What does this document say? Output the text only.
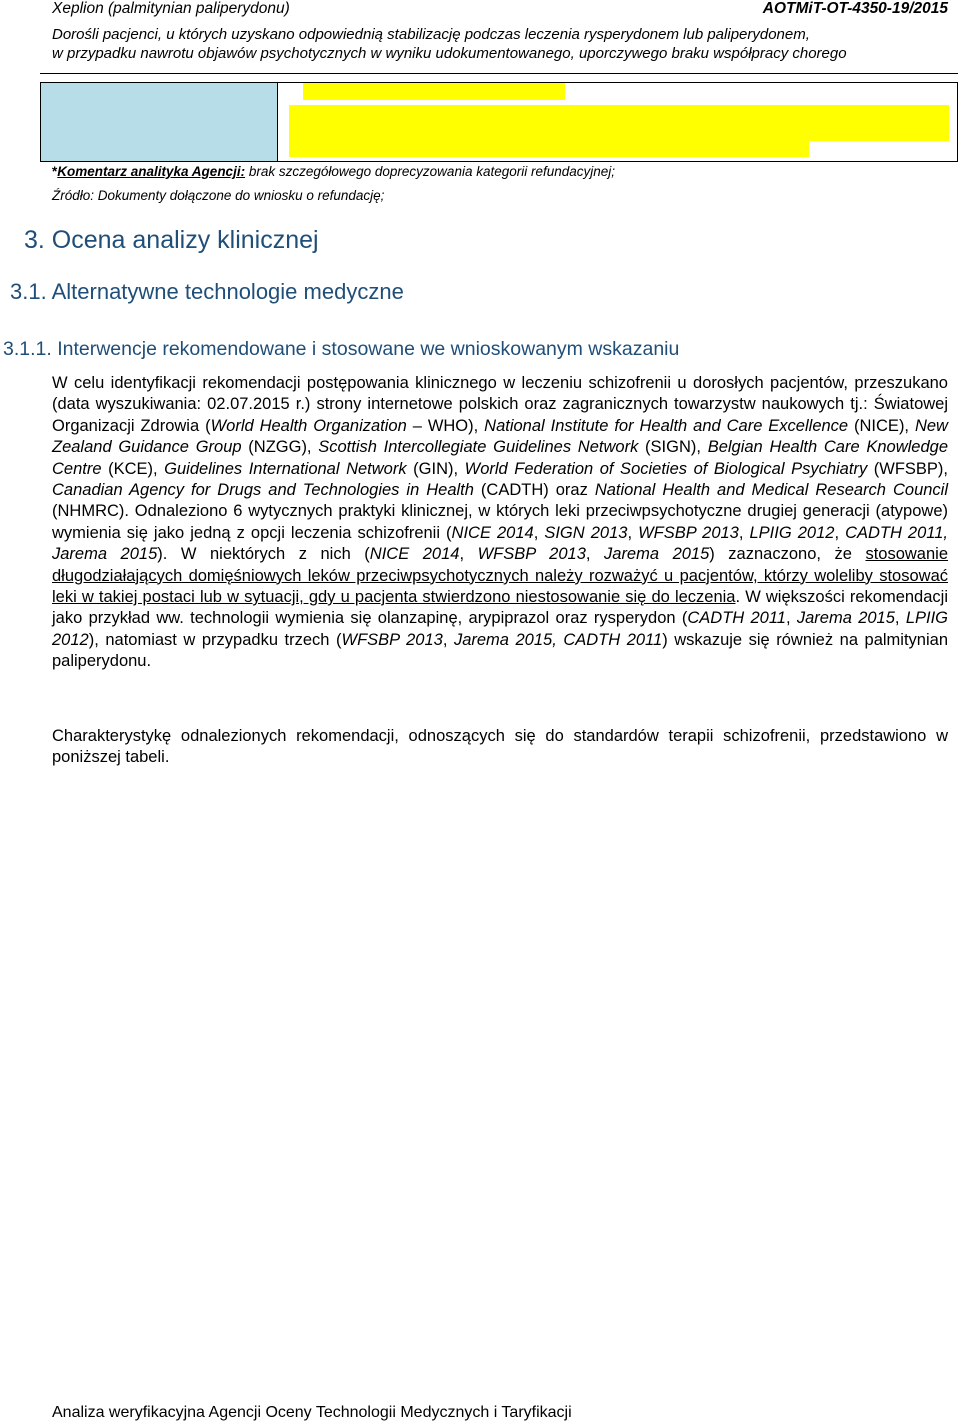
Xeplion (palmitynian paliperydonu)	AOTMiT-OT-4350-19/2015
Dorośli pacjenci, u których uzyskano odpowiednią stabilizację podczas leczenia rysperydonem lub paliperydonem,
w przypadku nawrotu objawów psychotycznych w wyniku udokumentowanego, uporczywego braku współpracy chorego
*Komentarz analityka Agencji: brak szczegółowego doprecyzowania kategorii refundacyjnej;
Źródło: Dokumenty dołączone do wniosku o refundację;
3. Ocena analizy klinicznej
3.1. Alternatywne technologie medyczne
3.1.1. Interwencje rekomendowane i stosowane we wnioskowanym wskazaniu
W celu identyfikacji rekomendacji postępowania klinicznego w leczeniu schizofrenii u dorosłych pacjentów, przeszukano (data wyszukiwania: 02.07.2015 r.) strony internetowe polskich oraz zagranicznych towarzystw naukowych tj.: Światowej Organizacji Zdrowia (World Health Organization – WHO), National Institute for Health and Care Excellence (NICE), New Zealand Guidance Group (NZGG), Scottish Intercollegiate Guidelines Network (SIGN), Belgian Health Care Knowledge Centre (KCE), Guidelines International Network (GIN), World Federation of Societies of Biological Psychiatry (WFSBP), Canadian Agency for Drugs and Technologies in Health (CADTH) oraz National Health and Medical Research Council (NHMRC). Odnaleziono 6 wytycznych praktyki klinicznej, w których leki przeciwpsychotyczne drugiej generacji (atypowe) wymienia się jako jedną z opcji leczenia schizofrenii (NICE 2014, SIGN 2013, WFSBP 2013, LPIIG 2012, CADTH 2011, Jarema 2015). W niektórych z nich (NICE 2014, WFSBP 2013, Jarema 2015) zaznaczono, że stosowanie długodziałających domięśniowych leków przeciwpsychotycznych należy rozważyć u pacjentów, którzy woleliby stosować leki w takiej postaci lub w sytuacji, gdy u pacjenta stwierdzono niestosowanie się do leczenia. W większości rekomendacji jako przykład ww. technologii wymienia się olanzapinę, arypiprazol oraz rysperydon (CADTH 2011, Jarema 2015, LPIIG 2012), natomiast w przypadku trzech (WFSBP 2013, Jarema 2015, CADTH 2011) wskazuje się również na palmitynian paliperydonu.
Charakterystykę odnalezionych rekomendacji, odnoszących się do standardów terapii schizofrenii, przedstawiono w poniższej tabeli.
Analiza weryfikacyjna Agencji Oceny Technologii Medycznych i Taryfikacji
